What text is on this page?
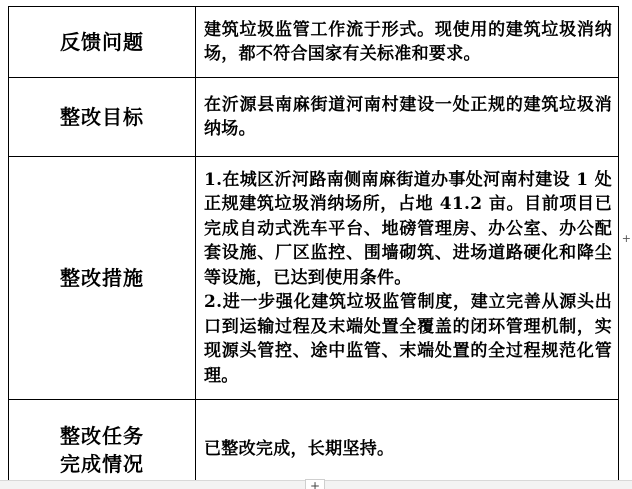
反馈问题	建筑垃圾监管工作流于形式。现使用的建筑垃圾消纳场，都不符合国家有关标准和要求。

整改目标	在沂源县南麻街道河南村建设一处正规的建筑垃圾消纳场。

整改措施	1.在城区沂河路南侧南麻街道办事处河南村建设 1 处正规建筑垃圾消纳场所，占地 41.2 亩。目前项目已完成自动式洗车平台、地磅管理房、办公室、办公配套设施、厂区监控、围墙砌筑、进场道路硬化和降尘等设施，已达到使用条件。

2.进一步强化建筑垃圾监管制度，建立完善从源头出口到运输过程及末端处置全覆盖的闭环管理机制，实现源头管控、途中监管、末端处置的全过程规范化管理。

整改任务
完成情况	已整改完成，长期坚持。

+
+
